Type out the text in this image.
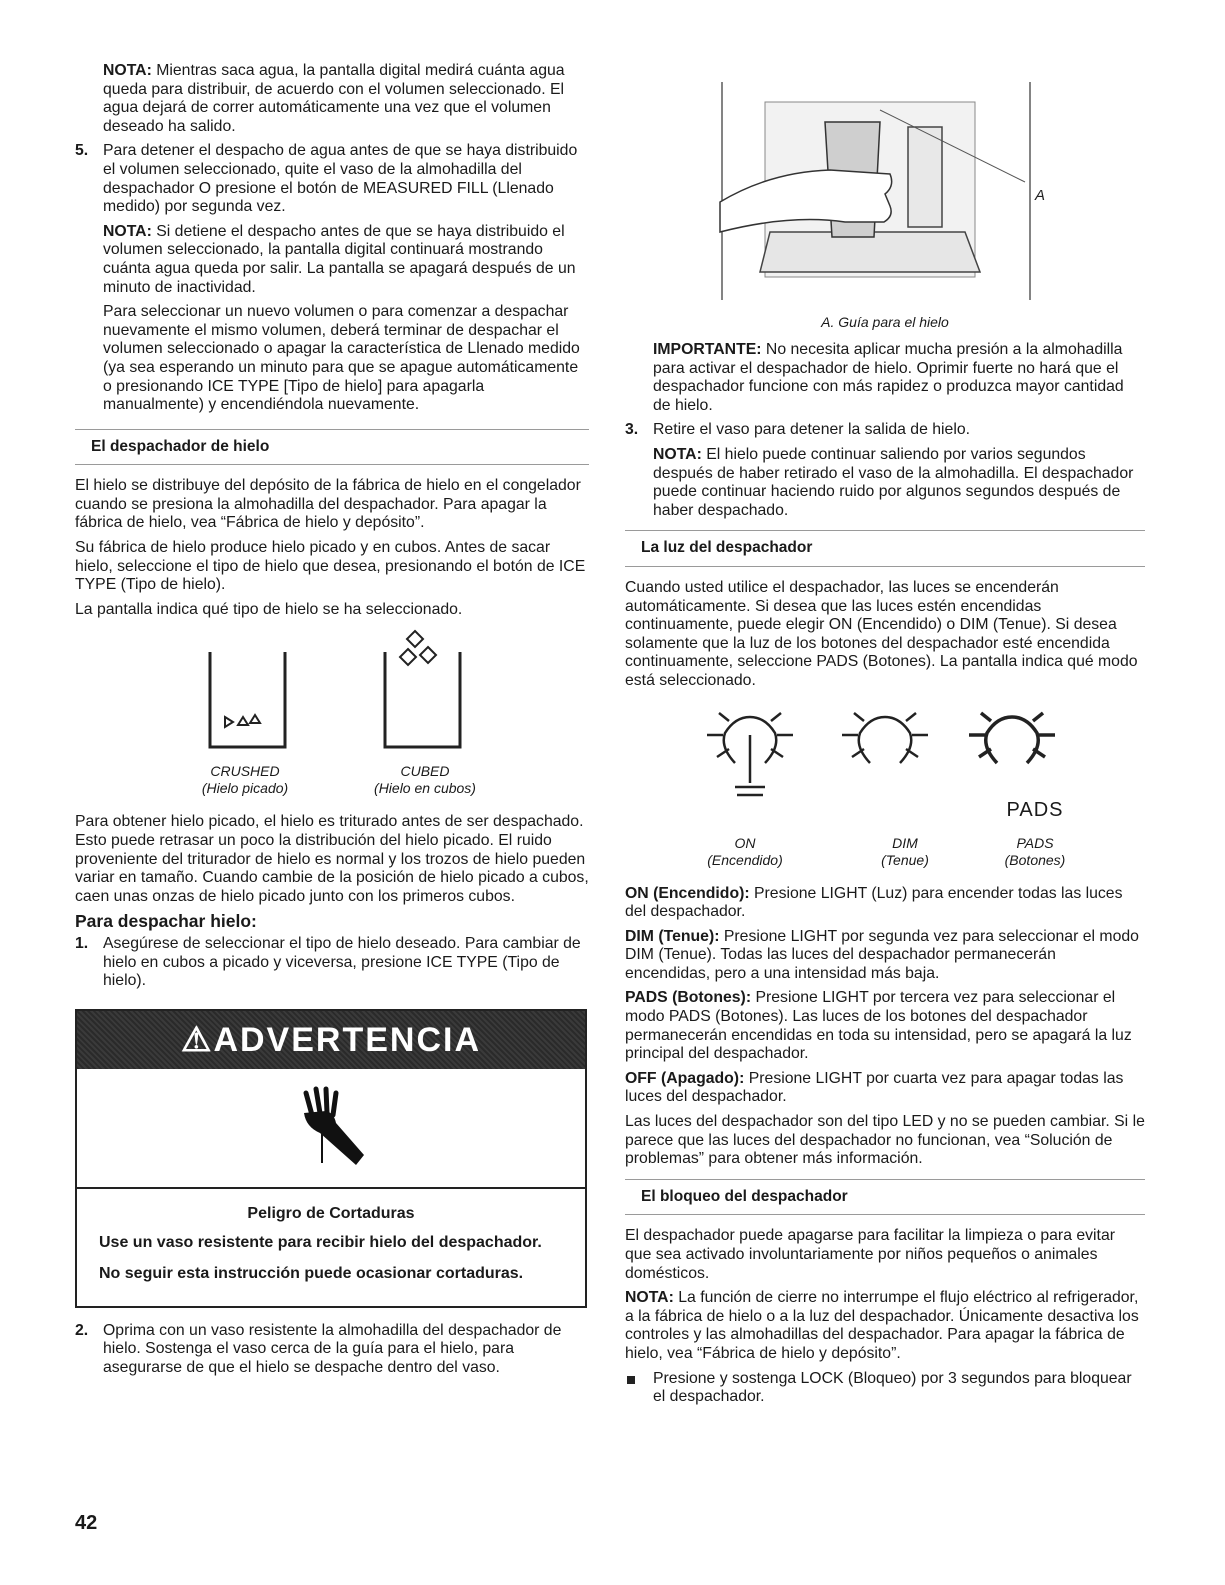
NOTA: Mientras saca agua, la pantalla digital medirá cuánta agua queda para distribuir, de acuerdo con el volumen seleccionado. El agua dejará de correr automáticamente una vez que el volumen deseado ha salido.

5. Para detener el despacho de agua antes de que se haya distribuido el volumen seleccionado, quite el vaso de la almohadilla del despachador O presione el botón de MEASURED FILL (Llenado medido) por segunda vez.

NOTA: Si detiene el despacho antes de que se haya distribuido el volumen seleccionado, la pantalla digital continuará mostrando cuánta agua queda por salir. La pantalla se apagará después de un minuto de inactividad.

Para seleccionar un nuevo volumen o para comenzar a despachar nuevamente el mismo volumen, deberá terminar de despachar el volumen seleccionado o apagar la característica de Llenado medido (ya sea esperando un minuto para que se apague automáticamente o presionando ICE TYPE [Tipo de hielo] para apagarla manualmente) y encendiéndola nuevamente.

El despachador de hielo

El hielo se distribuye del depósito de la fábrica de hielo en el congelador cuando se presiona la almohadilla del despachador. Para apagar la fábrica de hielo, vea “Fábrica de hielo y depósito”.

Su fábrica de hielo produce hielo picado y en cubos. Antes de sacar hielo, seleccione el tipo de hielo que desea, presionando el botón de ICE TYPE (Tipo de hielo).

La pantalla indica qué tipo de hielo se ha seleccionado.

CRUSHED
(Hielo picado)
CUBED
(Hielo en cubos)

Para obtener hielo picado, el hielo es triturado antes de ser despachado. Esto puede retrasar un poco la distribución del hielo picado. El ruido proveniente del triturador de hielo es normal y los trozos de hielo pueden variar en tamaño. Cuando cambie de la posición de hielo picado a cubos, caen unas onzas de hielo picado junto con los primeros cubos.

Para despachar hielo:
1. Asegúrese de seleccionar el tipo de hielo deseado. Para cambiar de hielo en cubos a picado y viceversa, presione ICE TYPE (Tipo de hielo).

⚠ADVERTENCIA
Peligro de Cortaduras

Use un vaso resistente para recibir hielo del despachador.

No seguir esta instrucción puede ocasionar cortaduras.

2. Oprima con un vaso resistente la almohadilla del despachador de hielo. Sostenga el vaso cerca de la guía para el hielo, para asegurarse de que el hielo se despache dentro del vaso.

A
A. Guía para el hielo

IMPORTANTE: No necesita aplicar mucha presión a la almohadilla para activar el despachador de hielo. Oprimir fuerte no hará que el despachador funcione con más rapidez o produzca mayor cantidad de hielo.

3. Retire el vaso para detener la salida de hielo.

NOTA: El hielo puede continuar saliendo por varios segundos después de haber retirado el vaso de la almohadilla. El despachador puede continuar haciendo ruido por algunos segundos después de haber despachado.

La luz del despachador

Cuando usted utilice el despachador, las luces se encenderán automáticamente. Si desea que las luces estén encendidas continuamente, puede elegir ON (Encendido) o DIM (Tenue). Si desea solamente que la luz de los botones del despachador esté encendida continuamente, seleccione PADS (Botones). La pantalla indica qué modo está seleccionado.

PADS
ON
(Encendido)
DIM
(Tenue)
PADS
(Botones)

ON (Encendido): Presione LIGHT (Luz) para encender todas las luces del despachador.

DIM (Tenue): Presione LIGHT por segunda vez para seleccionar el modo DIM (Tenue). Todas las luces del despachador permanecerán encendidas, pero a una intensidad más baja.

PADS (Botones): Presione LIGHT por tercera vez para seleccionar el modo PADS (Botones). Las luces de los botones del despachador permanecerán encendidas en toda su intensidad, pero se apagará la luz principal del despachador.

OFF (Apagado): Presione LIGHT por cuarta vez para apagar todas las luces del despachador.

Las luces del despachador son del tipo LED y no se pueden cambiar. Si le parece que las luces del despachador no funcionan, vea “Solución de problemas” para obtener más información.

El bloqueo del despachador

El despachador puede apagarse para facilitar la limpieza o para evitar que sea activado involuntariamente por niños pequeños o animales domésticos.

NOTA: La función de cierre no interrumpe el flujo eléctrico al refrigerador, a la fábrica de hielo o a la luz del despachador. Únicamente desactiva los controles y las almohadillas del despachador. Para apagar la fábrica de hielo, vea “Fábrica de hielo y depósito”.

Presione y sostenga LOCK (Bloqueo) por 3 segundos para bloquear el despachador.

42
